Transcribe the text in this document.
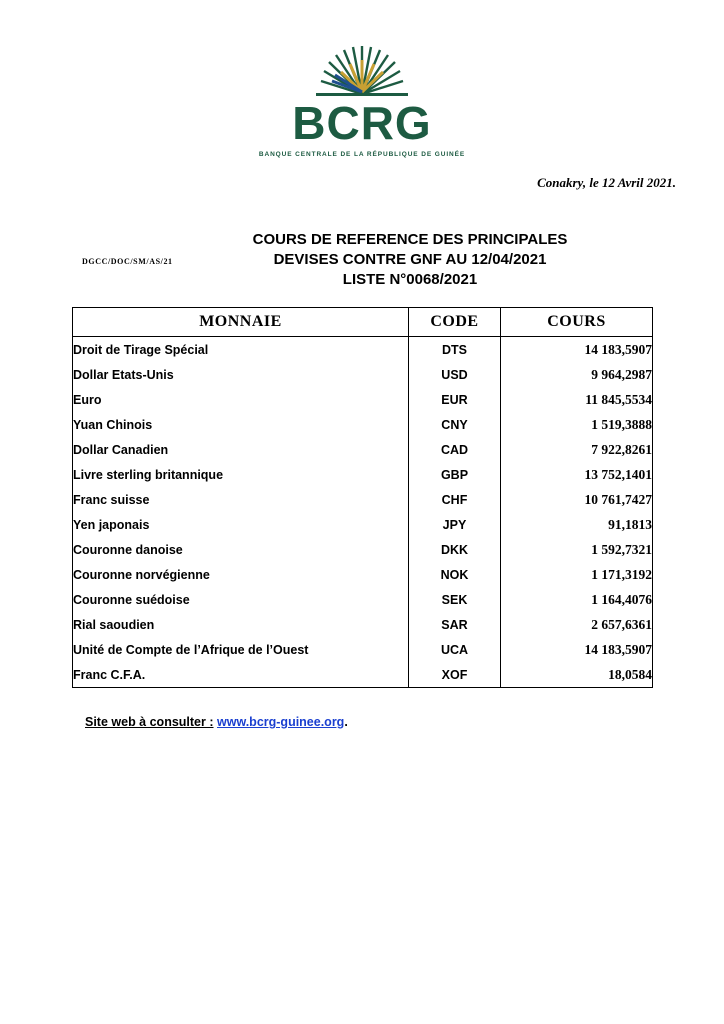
BCRG
BANQUE CENTRALE DE LA RÉPUBLIQUE DE GUINÉE
Conakry, le 12 Avril 2021.
DGCC/DOC/SM/AS/21
COURS DE REFERENCE DES PRINCIPALES
DEVISES CONTRE GNF AU 12/04/2021
LISTE N°0068/2021
MONNAIE	CODE	COURS
Droit de Tirage Spécial	DTS	14 183,5907
Dollar Etats-Unis	USD	9 964,2987
Euro	EUR	11 845,5534
Yuan Chinois	CNY	1 519,3888
Dollar Canadien	CAD	7 922,8261
Livre sterling britannique	GBP	13 752,1401
Franc suisse	CHF	10 761,7427
Yen japonais	JPY	91,1813
Couronne danoise	DKK	1 592,7321
Couronne norvégienne	NOK	1 171,3192
Couronne suédoise	SEK	1 164,4076
Rial saoudien	SAR	2 657,6361
Unité de Compte de l’Afrique de l’Ouest	UCA	14 183,5907
Franc C.F.A.	XOF	18,0584
Site web à consulter : www.bcrg-guinee.org.
